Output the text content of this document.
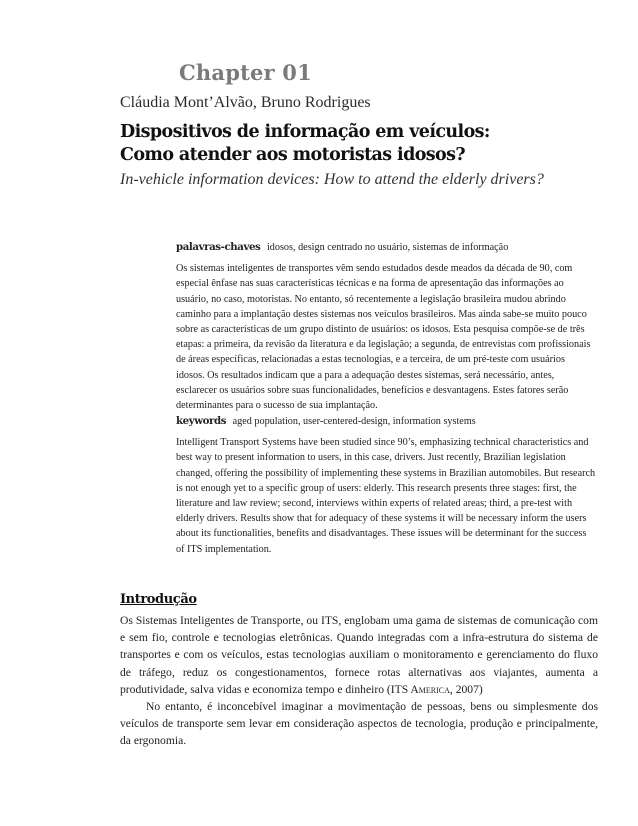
Chapter 01
Cláudia Mont’Alvão, Bruno Rodrigues
Dispositivos de informação em veículos: Como atender aos motoristas idosos?
In-vehicle information devices: How to attend the elderly drivers?
palavras-chaves idosos, design centrado no usuário, sistemas de informação
Os sistemas inteligentes de transportes vêm sendo estudados desde meados da década de 90, com especial ênfase nas suas características técnicas e na forma de apresentação das informações ao usuário, no caso, motoristas. No entanto, só recentemente a legislação brasileira mudou abrindo caminho para a implantação destes sistemas nos veículos brasileiros. Mas ainda sabe-se muito pouco sobre as características de um grupo distinto de usuários: os idosos. Esta pesquisa compõe-se de três etapas: a primeira, da revisão da literatura e da legislação; a segunda, de entrevistas com profissionais de áreas específicas, relacionadas a estas tecnologias, e a terceira, de um pré-teste com usuários idosos. Os resultados indicam que a para a adequação destes sistemas, será necessário, antes, esclarecer os usuários sobre suas funcionalidades, benefícios e desvantagens. Estes fatores serão determinantes para o sucesso de sua implantação.
keywords aged population, user-centered-design, information systems
Intelligent Transport Systems have been studied since 90’s, emphasizing technical characteristics and best way to present information to users, in this case, drivers. Just recently, Brazilian legislation changed, offering the possibility of implementing these systems in Brazilian automobiles. But research is not enough yet to a specific group of users: elderly. This research presents three stages: first, the literature and law review; second, interviews within experts of related areas; third, a pre-test with elderly drivers. Results show that for adequacy of these systems it will be necessary inform the users about its functionalities, benefits and disadvantages. These issues will be determinant for the success of ITS implementation.
Introdução

Os Sistemas Inteligentes de Transporte, ou ITS, englobam uma gama de sistemas de comunicação com e sem fio, controle e tecnologias eletrônicas. Quando integradas com a infra-estrutura do sistema de transportes e com os veículos, estas tecnologias auxiliam o monitoramento e gerenciamento do fluxo de tráfego, reduz os congestionamentos, fornece rotas alternativas aos viajantes, aumenta a produtividade, salva vidas e economiza tempo e dinheiro (ITS America, 2007)

No entanto, é inconcebível imaginar a movimentação de pessoas, bens ou simplesmente dos veículos de transporte sem levar em consideração aspectos de tecnologia, produção e principalmente, da ergonomia.
